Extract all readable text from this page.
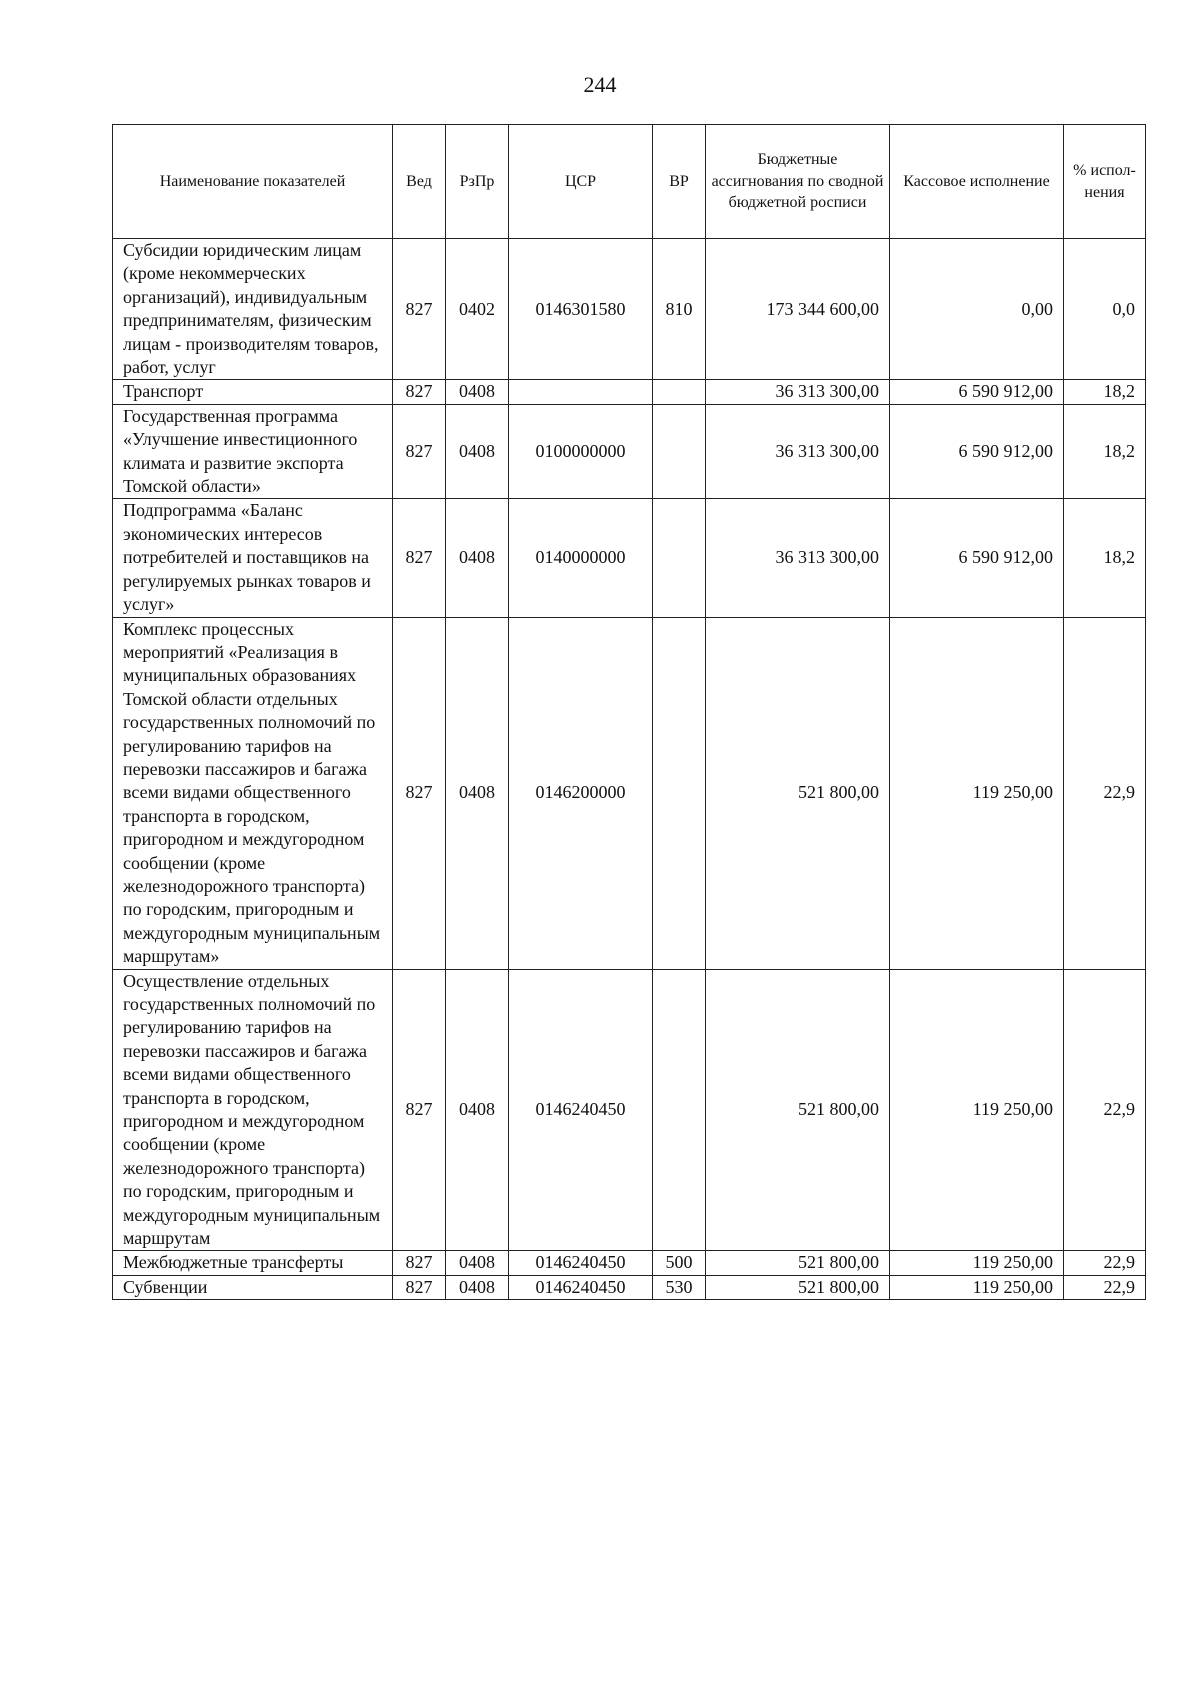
244
Наименование показателей	Вед	РзПр	ЦСР	ВР	Бюджетные ассигнования по сводной бюджетной росписи	Кассовое исполнение	% испол-нения
Субсидии юридическим лицам (кроме некоммерческих организаций), индивидуальным предпринимателям, физическим лицам - производителям товаров, работ, услуг	827	0402	0146301580	810	173 344 600,00	0,00	0,0
Транспорт	827	0408			36 313 300,00	6 590 912,00	18,2
Государственная программа «Улучшение инвестиционного климата и развитие экспорта Томской области»	827	0408	0100000000		36 313 300,00	6 590 912,00	18,2
Подпрограмма «Баланс экономических интересов потребителей и поставщиков на регулируемых рынках товаров и услуг»	827	0408	0140000000		36 313 300,00	6 590 912,00	18,2
Комплекс процессных мероприятий «Реализация в муниципальных образованиях Томской области отдельных государственных полномочий по регулированию тарифов на перевозки пассажиров и багажа всеми видами общественного транспорта в городском, пригородном и междугородном сообщении (кроме железнодорожного транспорта) по городским, пригородным и междугородным муниципальным маршрутам»	827	0408	0146200000		521 800,00	119 250,00	22,9
Осуществление отдельных государственных полномочий по регулированию тарифов на перевозки пассажиров и багажа всеми видами общественного транспорта в городском, пригородном и междугородном сообщении (кроме железнодорожного транспорта) по городским, пригородным и междугородным муниципальным маршрутам	827	0408	0146240450		521 800,00	119 250,00	22,9
Межбюджетные трансферты	827	0408	0146240450	500	521 800,00	119 250,00	22,9
Субвенции	827	0408	0146240450	530	521 800,00	119 250,00	22,9
